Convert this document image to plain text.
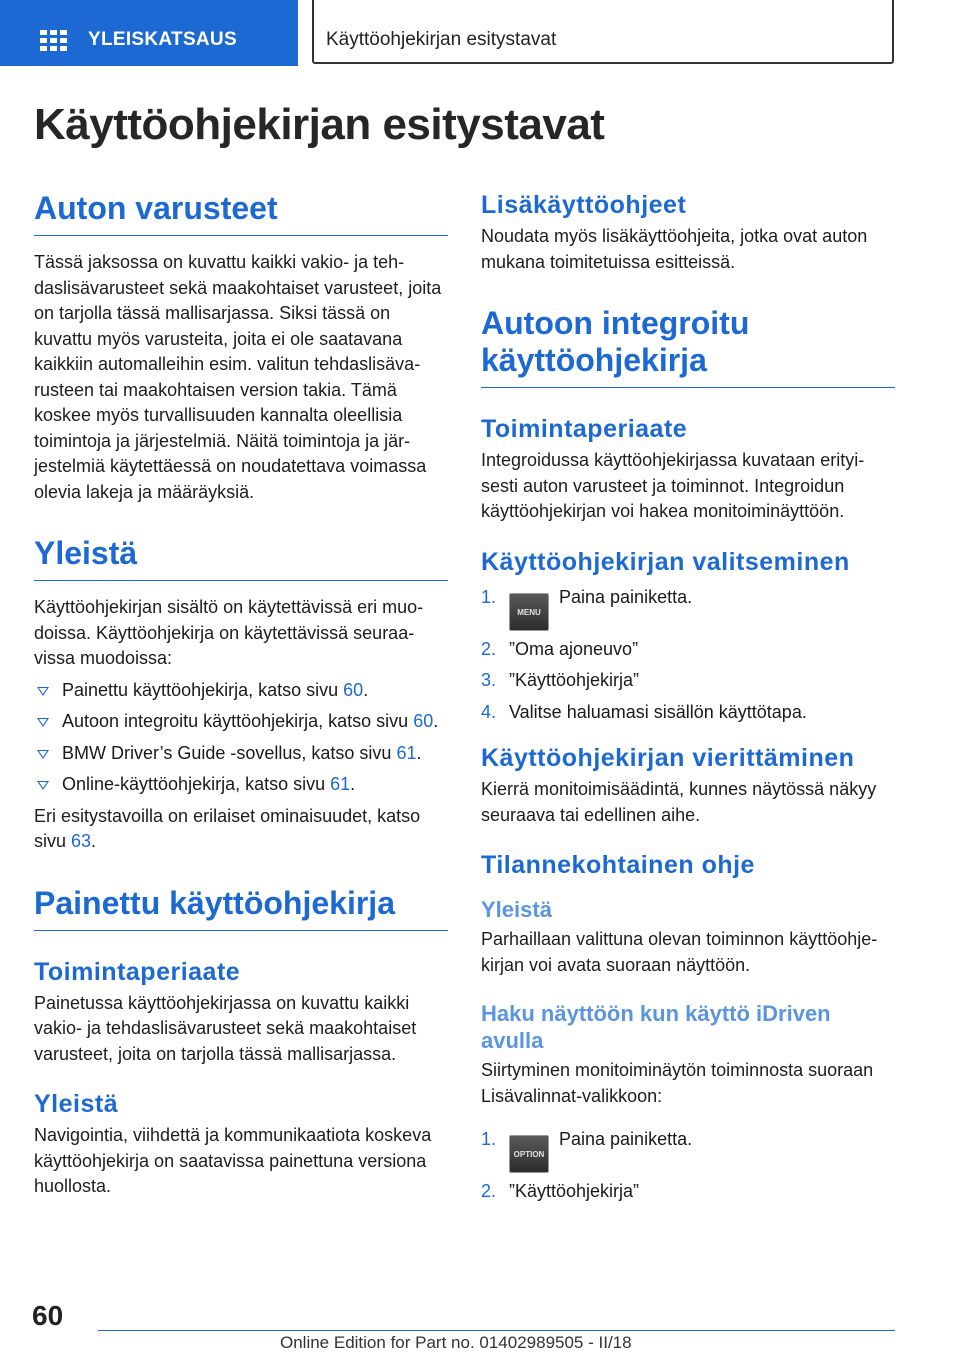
YLEISKATSAUS	Käyttöohjekirjan esitystavat
Käyttöohjekirjan esitystavat
Auton varusteet

Tässä jaksossa on kuvattu kaikki vakio- ja tehdaslisävarusteet sekä maakohtaiset varusteet, joita on tarjolla tässä mallisarjassa. Siksi tässä on kuvattu myös varusteita, joita ei ole saatavana kaikkiin automalleihin esim. valitun tehdaslisävarusteen tai maakohtaisen version takia. Tämä koskee myös turvallisuuden kannalta oleellisia toimintoja ja järjestelmiä. Näitä toimintoja ja järjestelmiä käytettäessä on noudatettava voimassa olevia lakeja ja määräyksiä.

Yleistä

Käyttöohjekirjan sisältö on käytettävissä eri muodoissa. Käyttöohjekirja on käytettävissä seuraavissa muodoissa:

Painettu käyttöohjekirja, katso sivu 60.
Autoon integroitu käyttöohjekirja, katso sivu 60.
BMW Driver’s Guide -sovellus, katso sivu 61.
Online-käyttöohjekirja, katso sivu 61.

Eri esitystavoilla on erilaiset ominaisuudet, katso sivu 63.

Painettu käyttöohjekirja
Toimintaperiaate

Painetussa käyttöohjekirjassa on kuvattu kaikki vakio- ja tehdaslisävarusteet sekä maakohtaiset varusteet, joita on tarjolla tässä mallisarjassa.

Yleistä

Navigointia, viihdettä ja kommunikaatiota koskeva käyttöohjekirja on saatavissa painettuna versiona huollosta.

Lisäkäyttöohjeet

Noudata myös lisäkäyttöohjeita, jotka ovat auton mukana toimitetuissa esitteissä.

Autoon integroitu käyttöohjekirja
Toimintaperiaate

Integroidussa käyttöohjekirjassa kuvataan erityisesti auton varusteet ja toiminnot. Integroidun käyttöohjekirjan voi hakea monitoiminäyttöön.

Käyttöohjekirjan valitseminen
1.
MENUPaina painiketta.
2. ”Oma ajoneuvo”
3. ”Käyttöohjekirja”
4. Valitse haluamasi sisällön käyttötapa.
Käyttöohjekirjan vierittäminen

Kierrä monitoimisäädintä, kunnes näytössä näkyy seuraava tai edellinen aihe.

Tilannekohtainen ohje
Yleistä

Parhaillaan valittuna olevan toiminnon käyttöohjekirjan voi avata suoraan näyttöön.

Haku näyttöön kun käyttö iDriven avulla

Siirtyminen monitoiminäytön toiminnosta suoraan Lisävalinnat-valikkoon:

1.
OPTIONPaina painiketta.
2. ”Käyttöohjekirja”
60
Online Edition for Part no. 01402989505 - II/18
